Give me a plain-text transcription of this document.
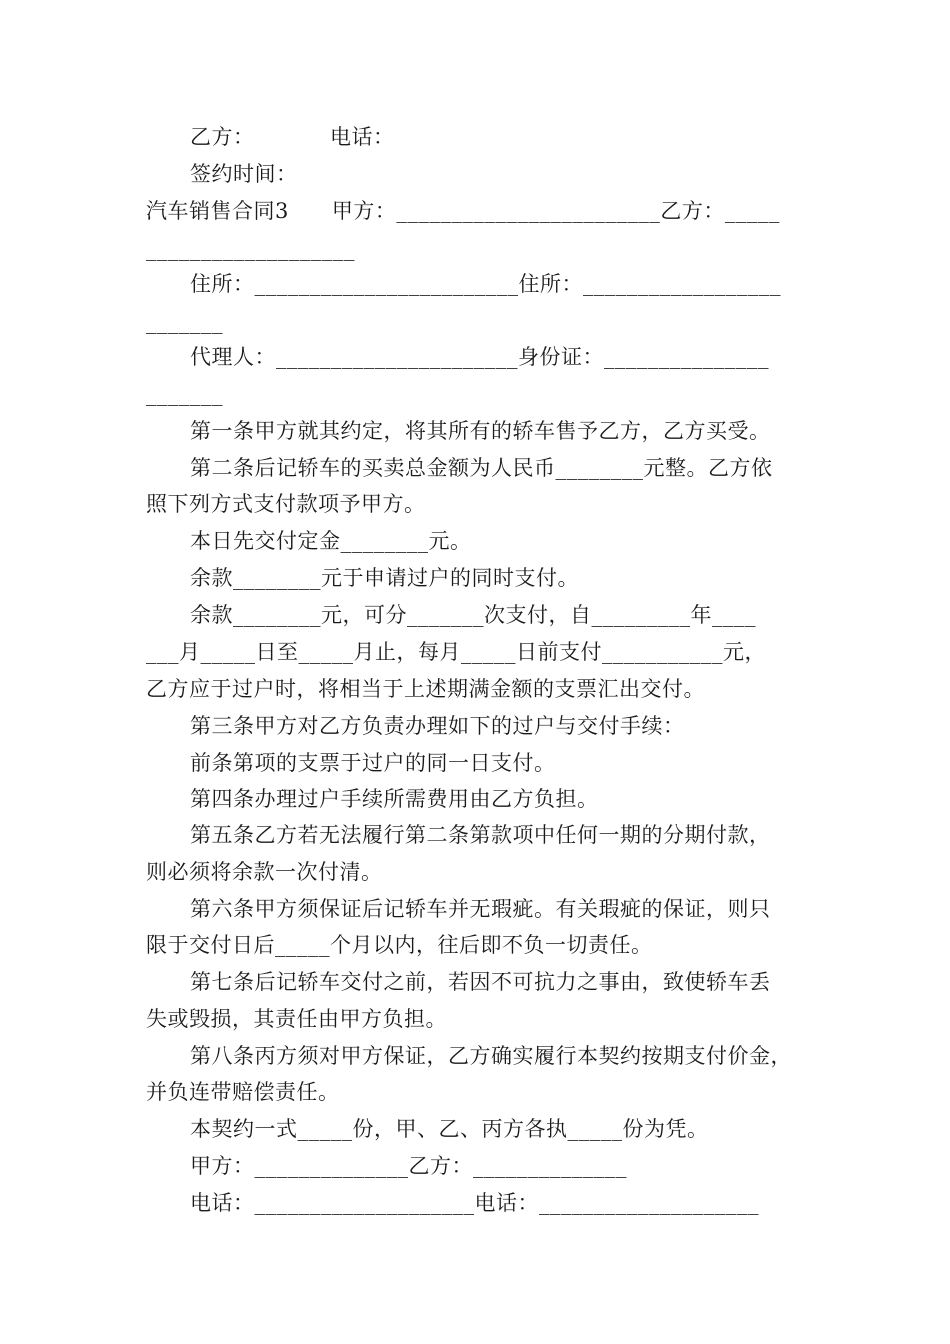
乙方：　　　　电话：
签约时间：
汽车销售合同3　　甲方：________________________乙方：_____
___________________
住所：________________________住所：__________________
_______
代理人：______________________身份证：_______________
_______
第一条甲方就其约定，将其所有的轿车售予乙方，乙方买受。
第二条后记轿车的买卖总金额为人民币________元整。乙方依
照下列方式支付款项予甲方。
本日先交付定金________元。
余款________元于申请过户的同时支付。
余款________元，可分_______次支付，自_________年____
___月_____日至_____月止，每月_____日前支付___________元，
乙方应于过户时，将相当于上述期满金额的支票汇出交付。
第三条甲方对乙方负责办理如下的过户与交付手续：
前条第项的支票于过户的同一日支付。
第四条办理过户手续所需费用由乙方负担。
第五条乙方若无法履行第二条第款项中任何一期的分期付款，
则必须将余款一次付清。
第六条甲方须保证后记轿车并无瑕疵。有关瑕疵的保证，则只
限于交付日后_____个月以内，往后即不负一切责任。
第七条后记轿车交付之前，若因不可抗力之事由，致使轿车丢
失或毁损，其责任由甲方负担。
第八条丙方须对甲方保证，乙方确实履行本契约按期支付价金，
并负连带赔偿责任。
本契约一式_____份，甲、乙、丙方各执_____份为凭。
甲方：______________乙方：______________
电话：____________________电话：____________________
